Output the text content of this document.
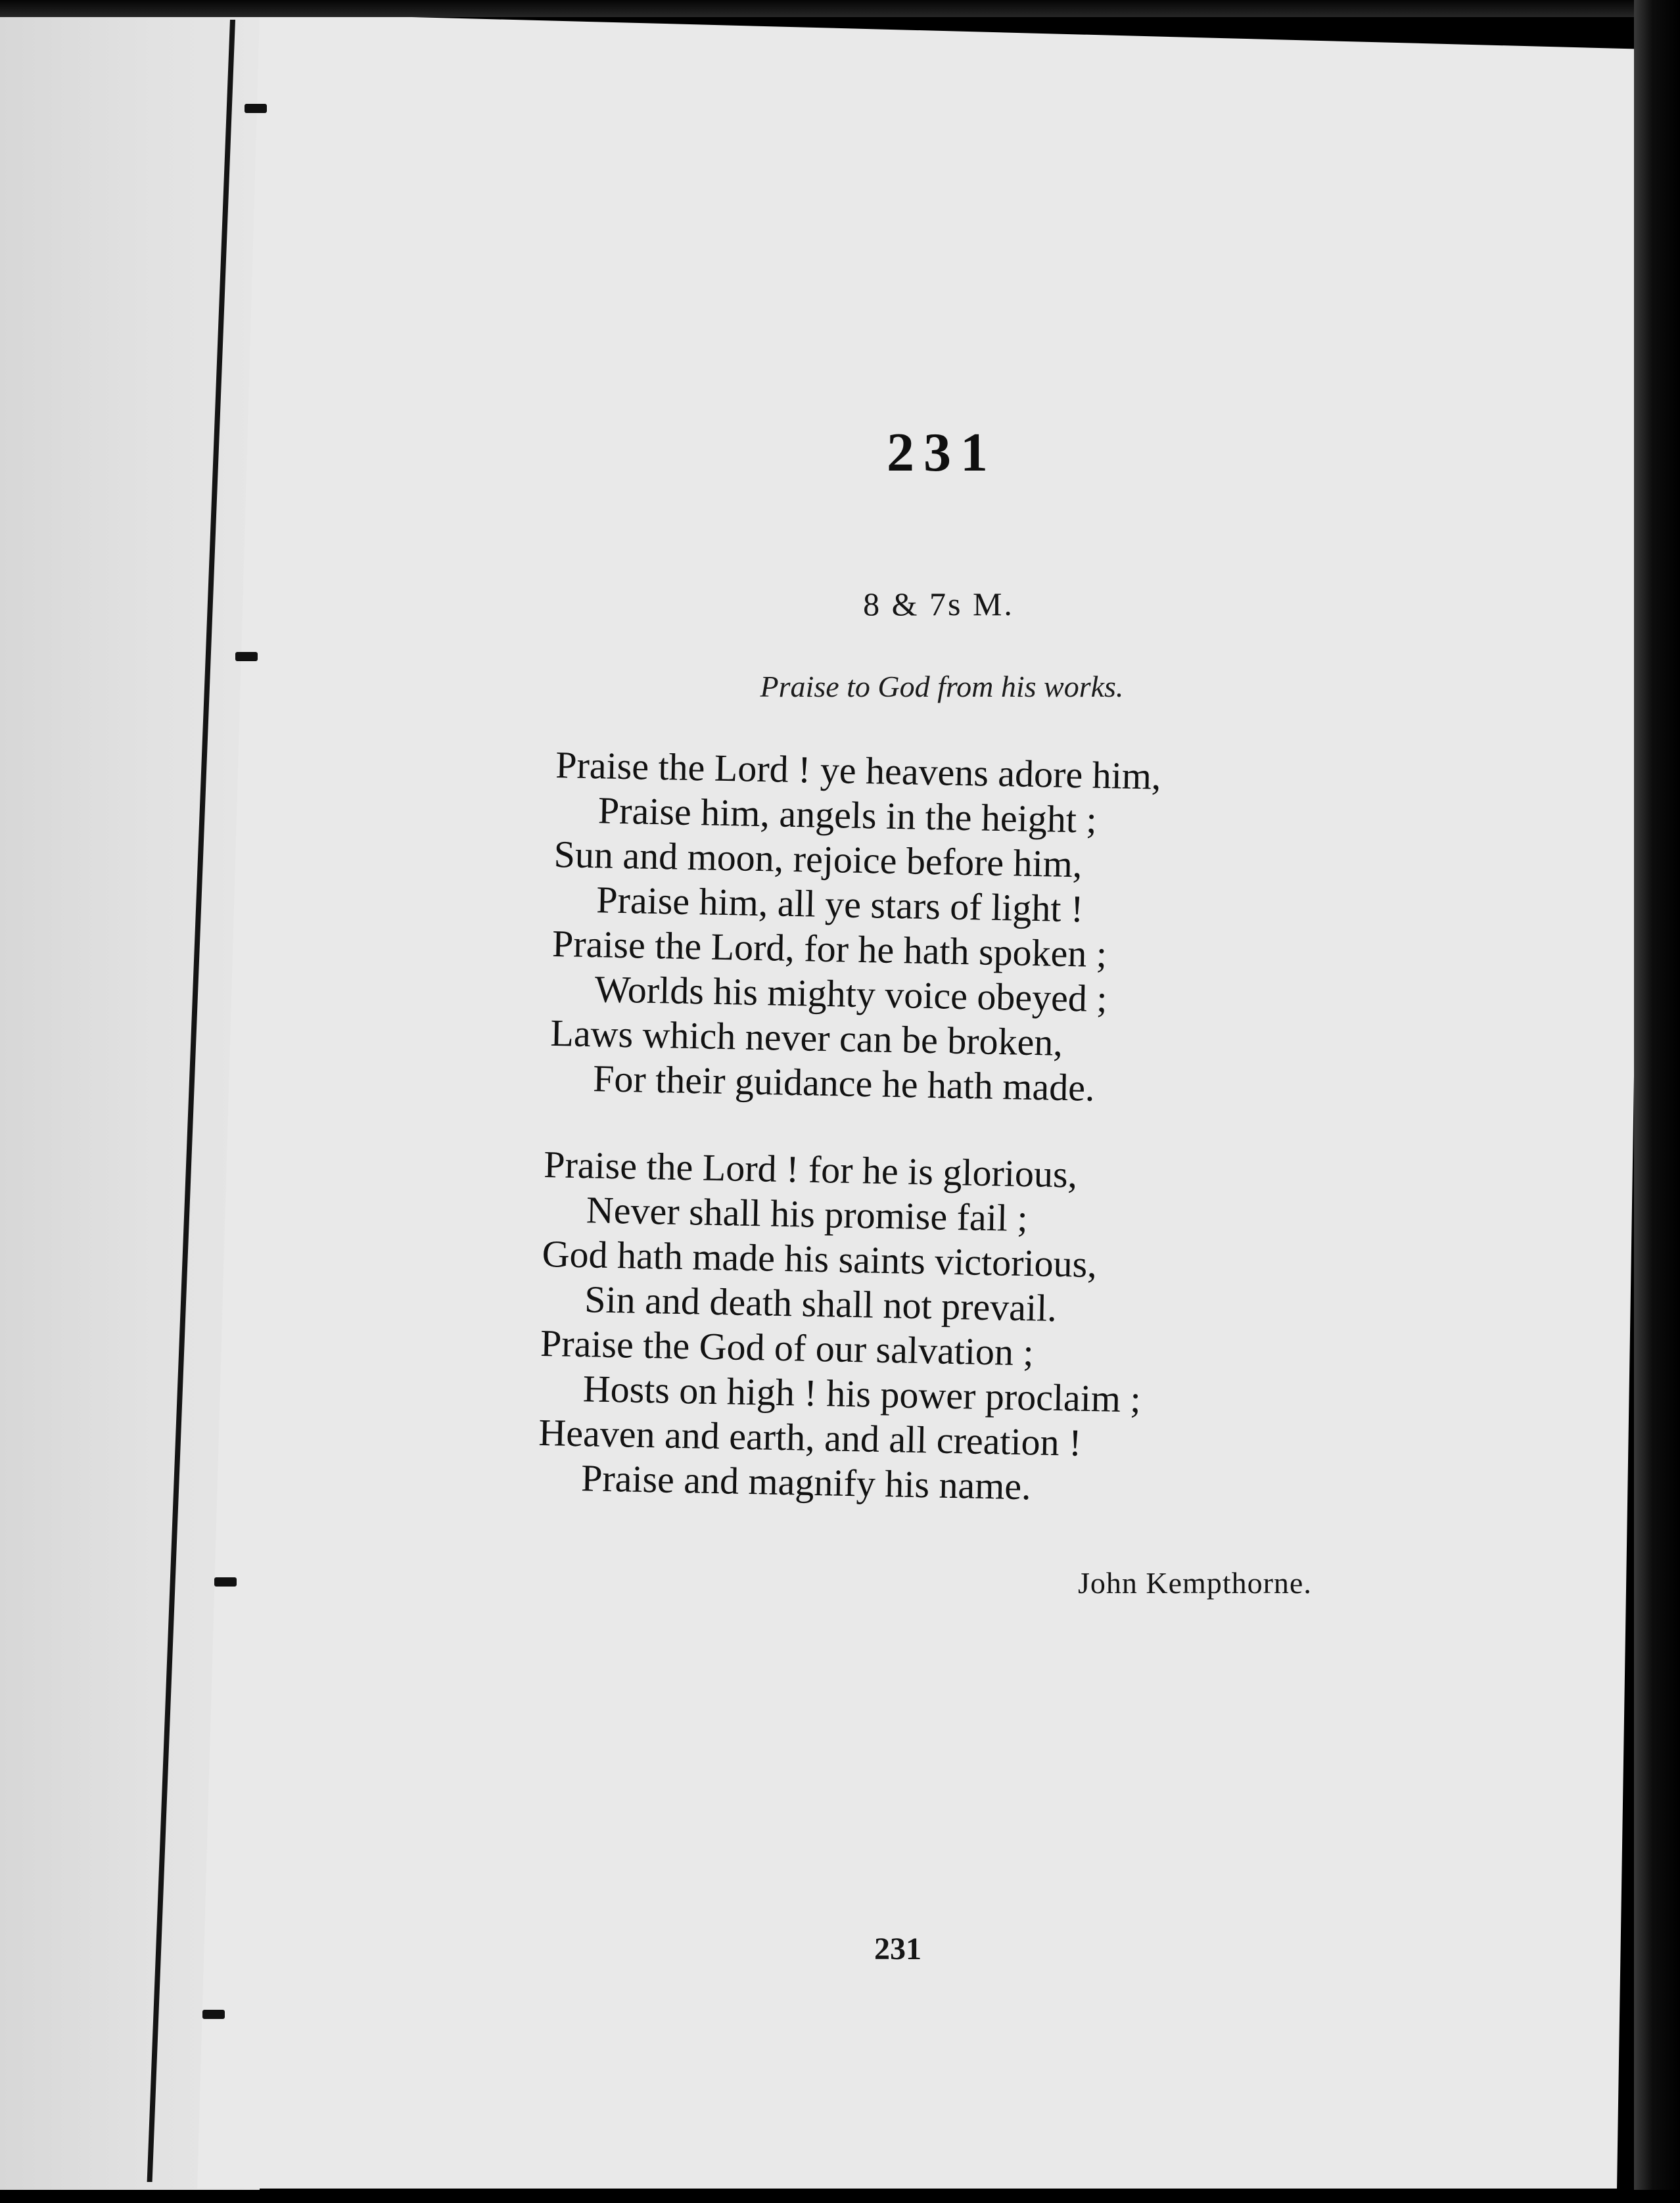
231
8 & 7s M.
Praise to God from his works.
Praise the Lord ! ye heavens adore him,
Praise him, angels in the height ;
Sun and moon, rejoice before him,
Praise him, all ye stars of light !
Praise the Lord, for he hath spoken ;
Worlds his mighty voice obeyed ;
Laws which never can be broken,
For their guidance he hath made.
Praise the Lord ! for he is glorious,
Never shall his promise fail ;
God hath made his saints victorious,
Sin and death shall not prevail.
Praise the God of our salvation ;
Hosts on high ! his power proclaim ;
Heaven and earth, and all creation !
Praise and magnify his name.
John Kempthorne.
231
